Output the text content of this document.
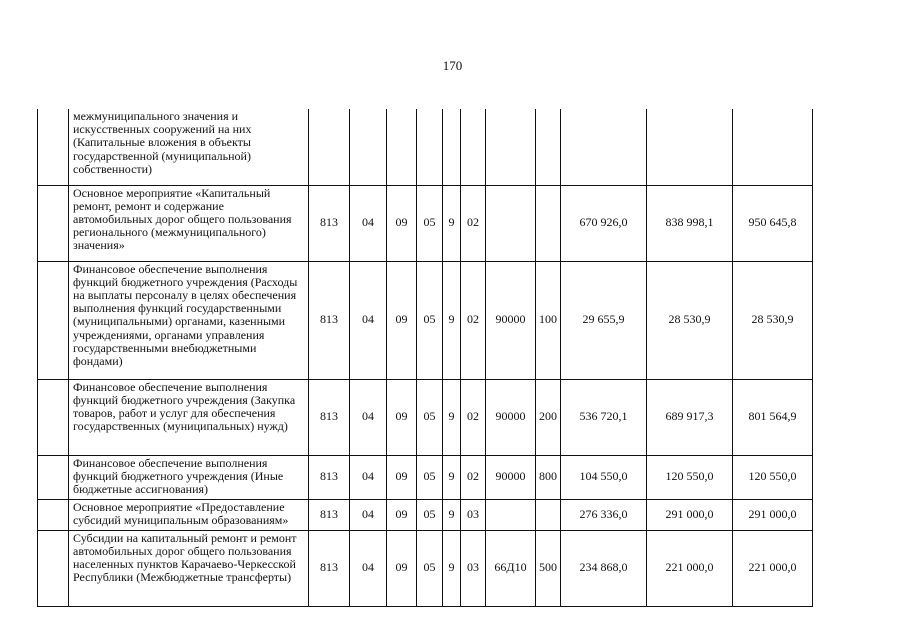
170
	межмуниципального значения и искусственных сооружений на них (Капитальные вложения в объекты государственной (муниципальной) собственности)											
	Основное мероприятие «Капитальный ремонт, ремонт и содержание автомобильных дорог общего пользования регионального (межмуниципального) значения»	813	04	09	05	9	02			670 926,0	838 998,1	950 645,8
	Финансовое обеспечение выполнения функций бюджетного учреждения (Расходы на выплаты персоналу в целях обеспечения выполнения функций государственными (муниципальными) органами, казенными учреждениями, органами управления государственными внебюджетными фондами)	813	04	09	05	9	02	90000	100	29 655,9	28 530,9	28 530,9
	Финансовое обеспечение выполнения функций бюджетного учреждения (Закупка товаров, работ и услуг для обеспечения государственных (муниципальных) нужд)	813	04	09	05	9	02	90000	200	536 720,1	689 917,3	801 564,9
	Финансовое обеспечение выполнения функций бюджетного учреждения (Иные бюджетные ассигнования)	813	04	09	05	9	02	90000	800	104 550,0	120 550,0	120 550,0
	Основное мероприятие «Предоставление субсидий муниципальным образованиям»	813	04	09	05	9	03			276 336,0	291 000,0	291 000,0
	Субсидии на капитальный ремонт и ремонт автомобильных дорог общего пользования населенных пунктов Карачаево-Черкесской Республики (Межбюджетные трансферты)	813	04	09	05	9	03	66Д10	500	234 868,0	221 000,0	221 000,0
